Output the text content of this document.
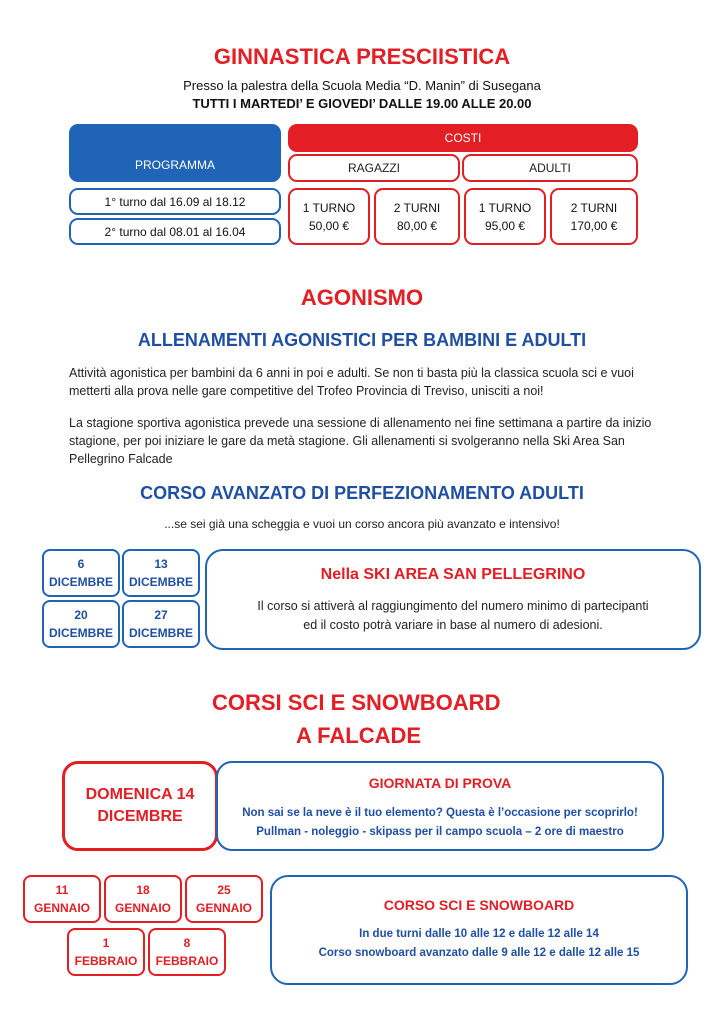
GINNASTICA PRESCIISTICA
Presso la palestra della Scuola Media “D. Manin” di Susegana
TUTTI I MARTEDI’ E GIOVEDI’ DALLE 19.00 ALLE 20.00
PROGRAMMA
COSTI
RAGAZZI	ADULTI
1° turno dal 16.09 al 18.12
2° turno dal 08.01 al 16.04
1 TURNO
50,00 €
2 TURNI
80,00 €
1 TURNO
95,00 €
2 TURNI
170,00 €
AGONISMO
ALLENAMENTI AGONISTICI PER BAMBINI E ADULTI
Attività agonistica per bambini da 6 anni in poi e adulti. Se non ti basta più la classica scuola sci e vuoi metterti alla prova nelle gare competitive del Trofeo Provincia di Treviso, unisciti a noi!
La stagione sportiva agonistica prevede una sessione di allenamento nei fine settimana a partire da inizio stagione, per poi iniziare le gare da metà stagione. Gli allenamenti si svolgeranno nella Ski Area San Pellegrino Falcade
CORSO AVANZATO DI PERFEZIONAMENTO ADULTI
...se sei già una scheggia e vuoi un corso ancora più avanzato e intensivo!
6
DICEMBRE
13
DICEMBRE
20
DICEMBRE
27
DICEMBRE
Nella SKI AREA SAN PELLEGRINO
Il corso si attiverà al raggiungimento del numero minimo di partecipanti
ed il costo potrà variare in base al numero di adesioni.
CORSI SCI E SNOWBOARD
A FALCADE
DOMENICA 14
DICEMBRE
GIORNATA DI PROVA
Non sai se la neve è il tuo elemento? Questa è l’occasione per scoprirlo!
Pullman - noleggio - skipass per il campo scuola – 2 ore di maestro
11
GENNAIO
18
GENNAIO
25
GENNAIO
1
FEBBRAIO
8
FEBBRAIO
CORSO SCI E SNOWBOARD
In due turni dalle 10 alle 12 e dalle 12 alle 14
Corso snowboard avanzato dalle 9 alle 12 e dalle 12 alle 15
